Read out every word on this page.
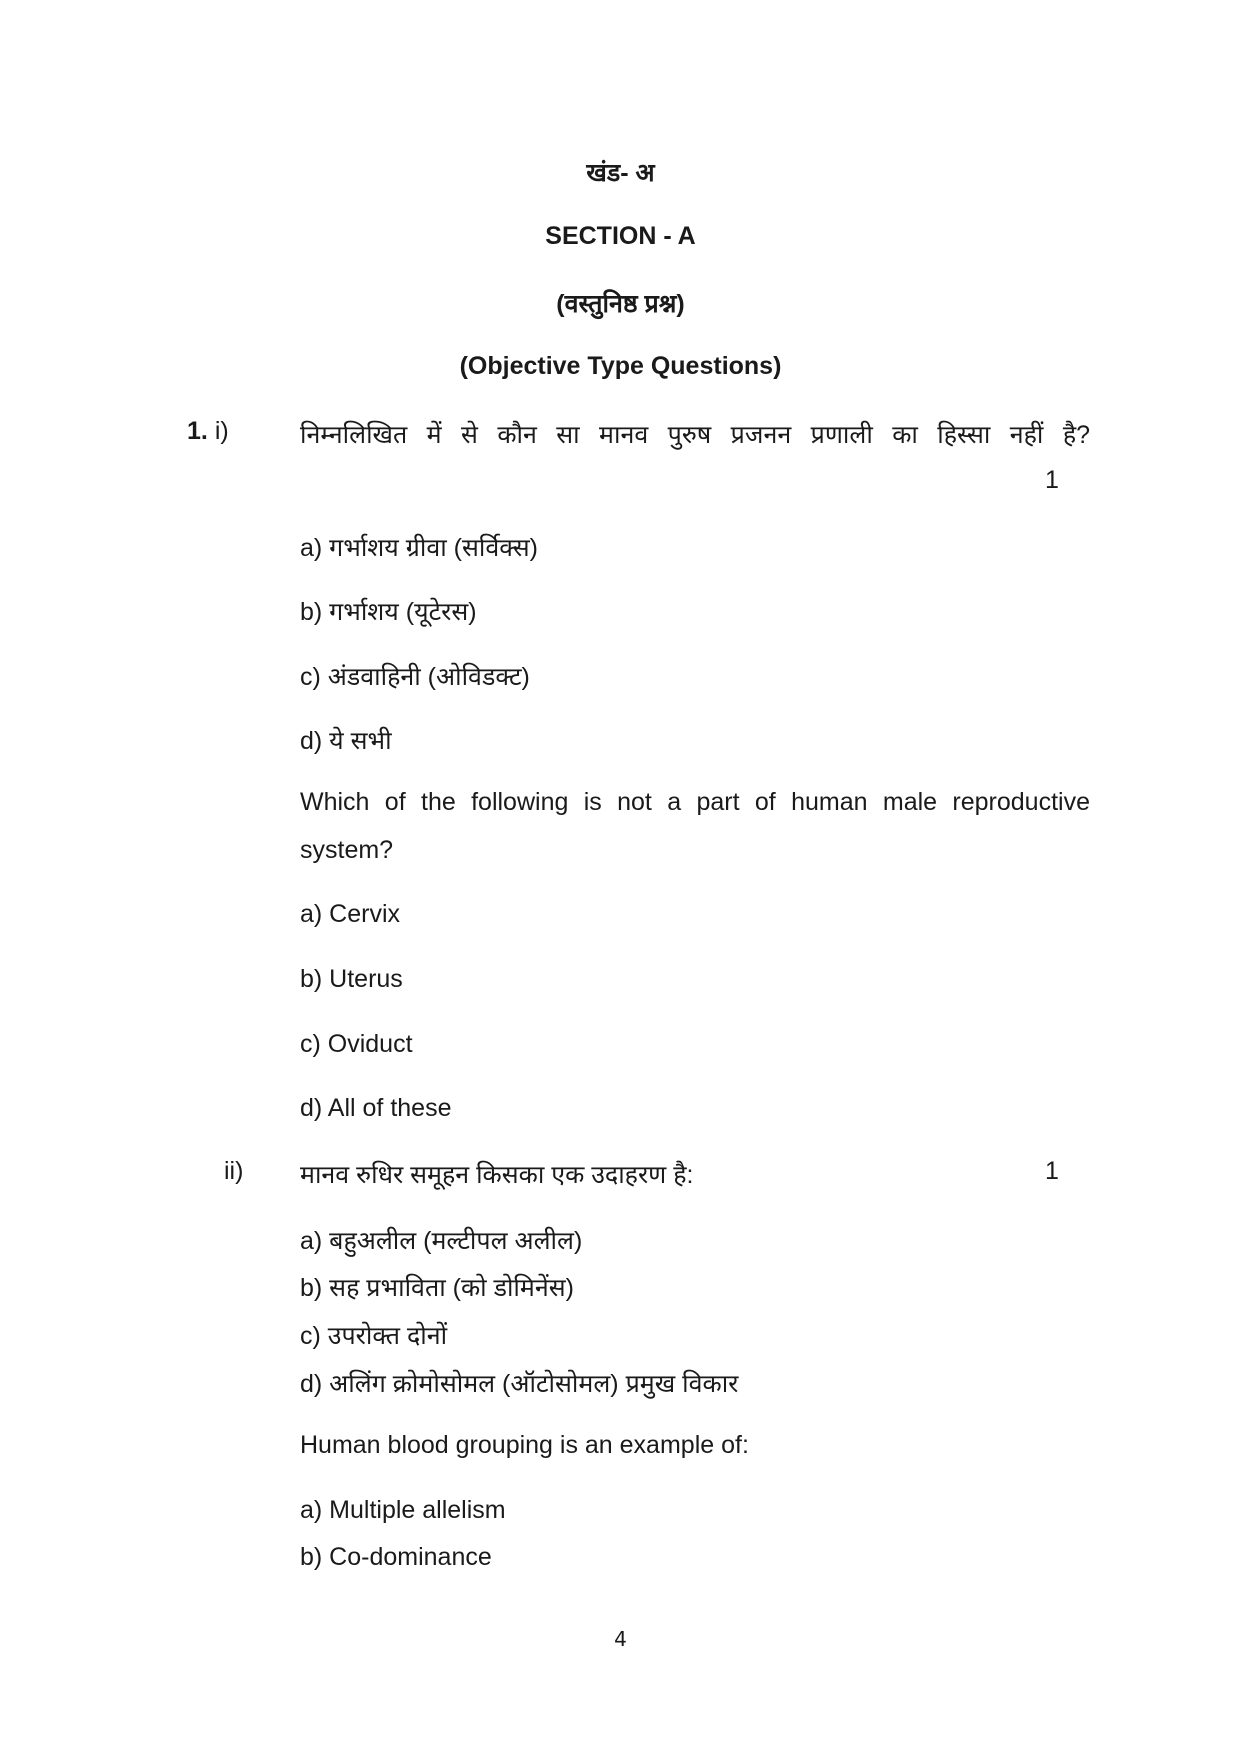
खंड- अ
SECTION - A
(वस्तुनिष्ठ प्रश्न)
(Objective Type Questions)
1. i)	निम्नलिखित में से कौन सा मानव पुरुष प्रजनन प्रणाली का हिस्सा नहीं है?
1
a) गर्भाशय ग्रीवा (सर्विक्स)
b) गर्भाशय (यूटेरस)
c) अंडवाहिनी (ओविडक्ट)
d) ये सभी
Which of the following is not a part of human male reproductive
system?
a) Cervix
b) Uterus
c) Oviduct
d) All of these
ii) मानव रुधिर समूहन किसका एक उदाहरण है:	1
a) बहुअलील (मल्टीपल अलील)
b) सह प्रभाविता (को डोमिनेंस)
c) उपरोक्त दोनों
d) अलिंग क्रोमोसोमल (ऑटोसोमल) प्रमुख विकार
Human blood grouping is an example of:
a) Multiple allelism
b) Co-dominance
4
